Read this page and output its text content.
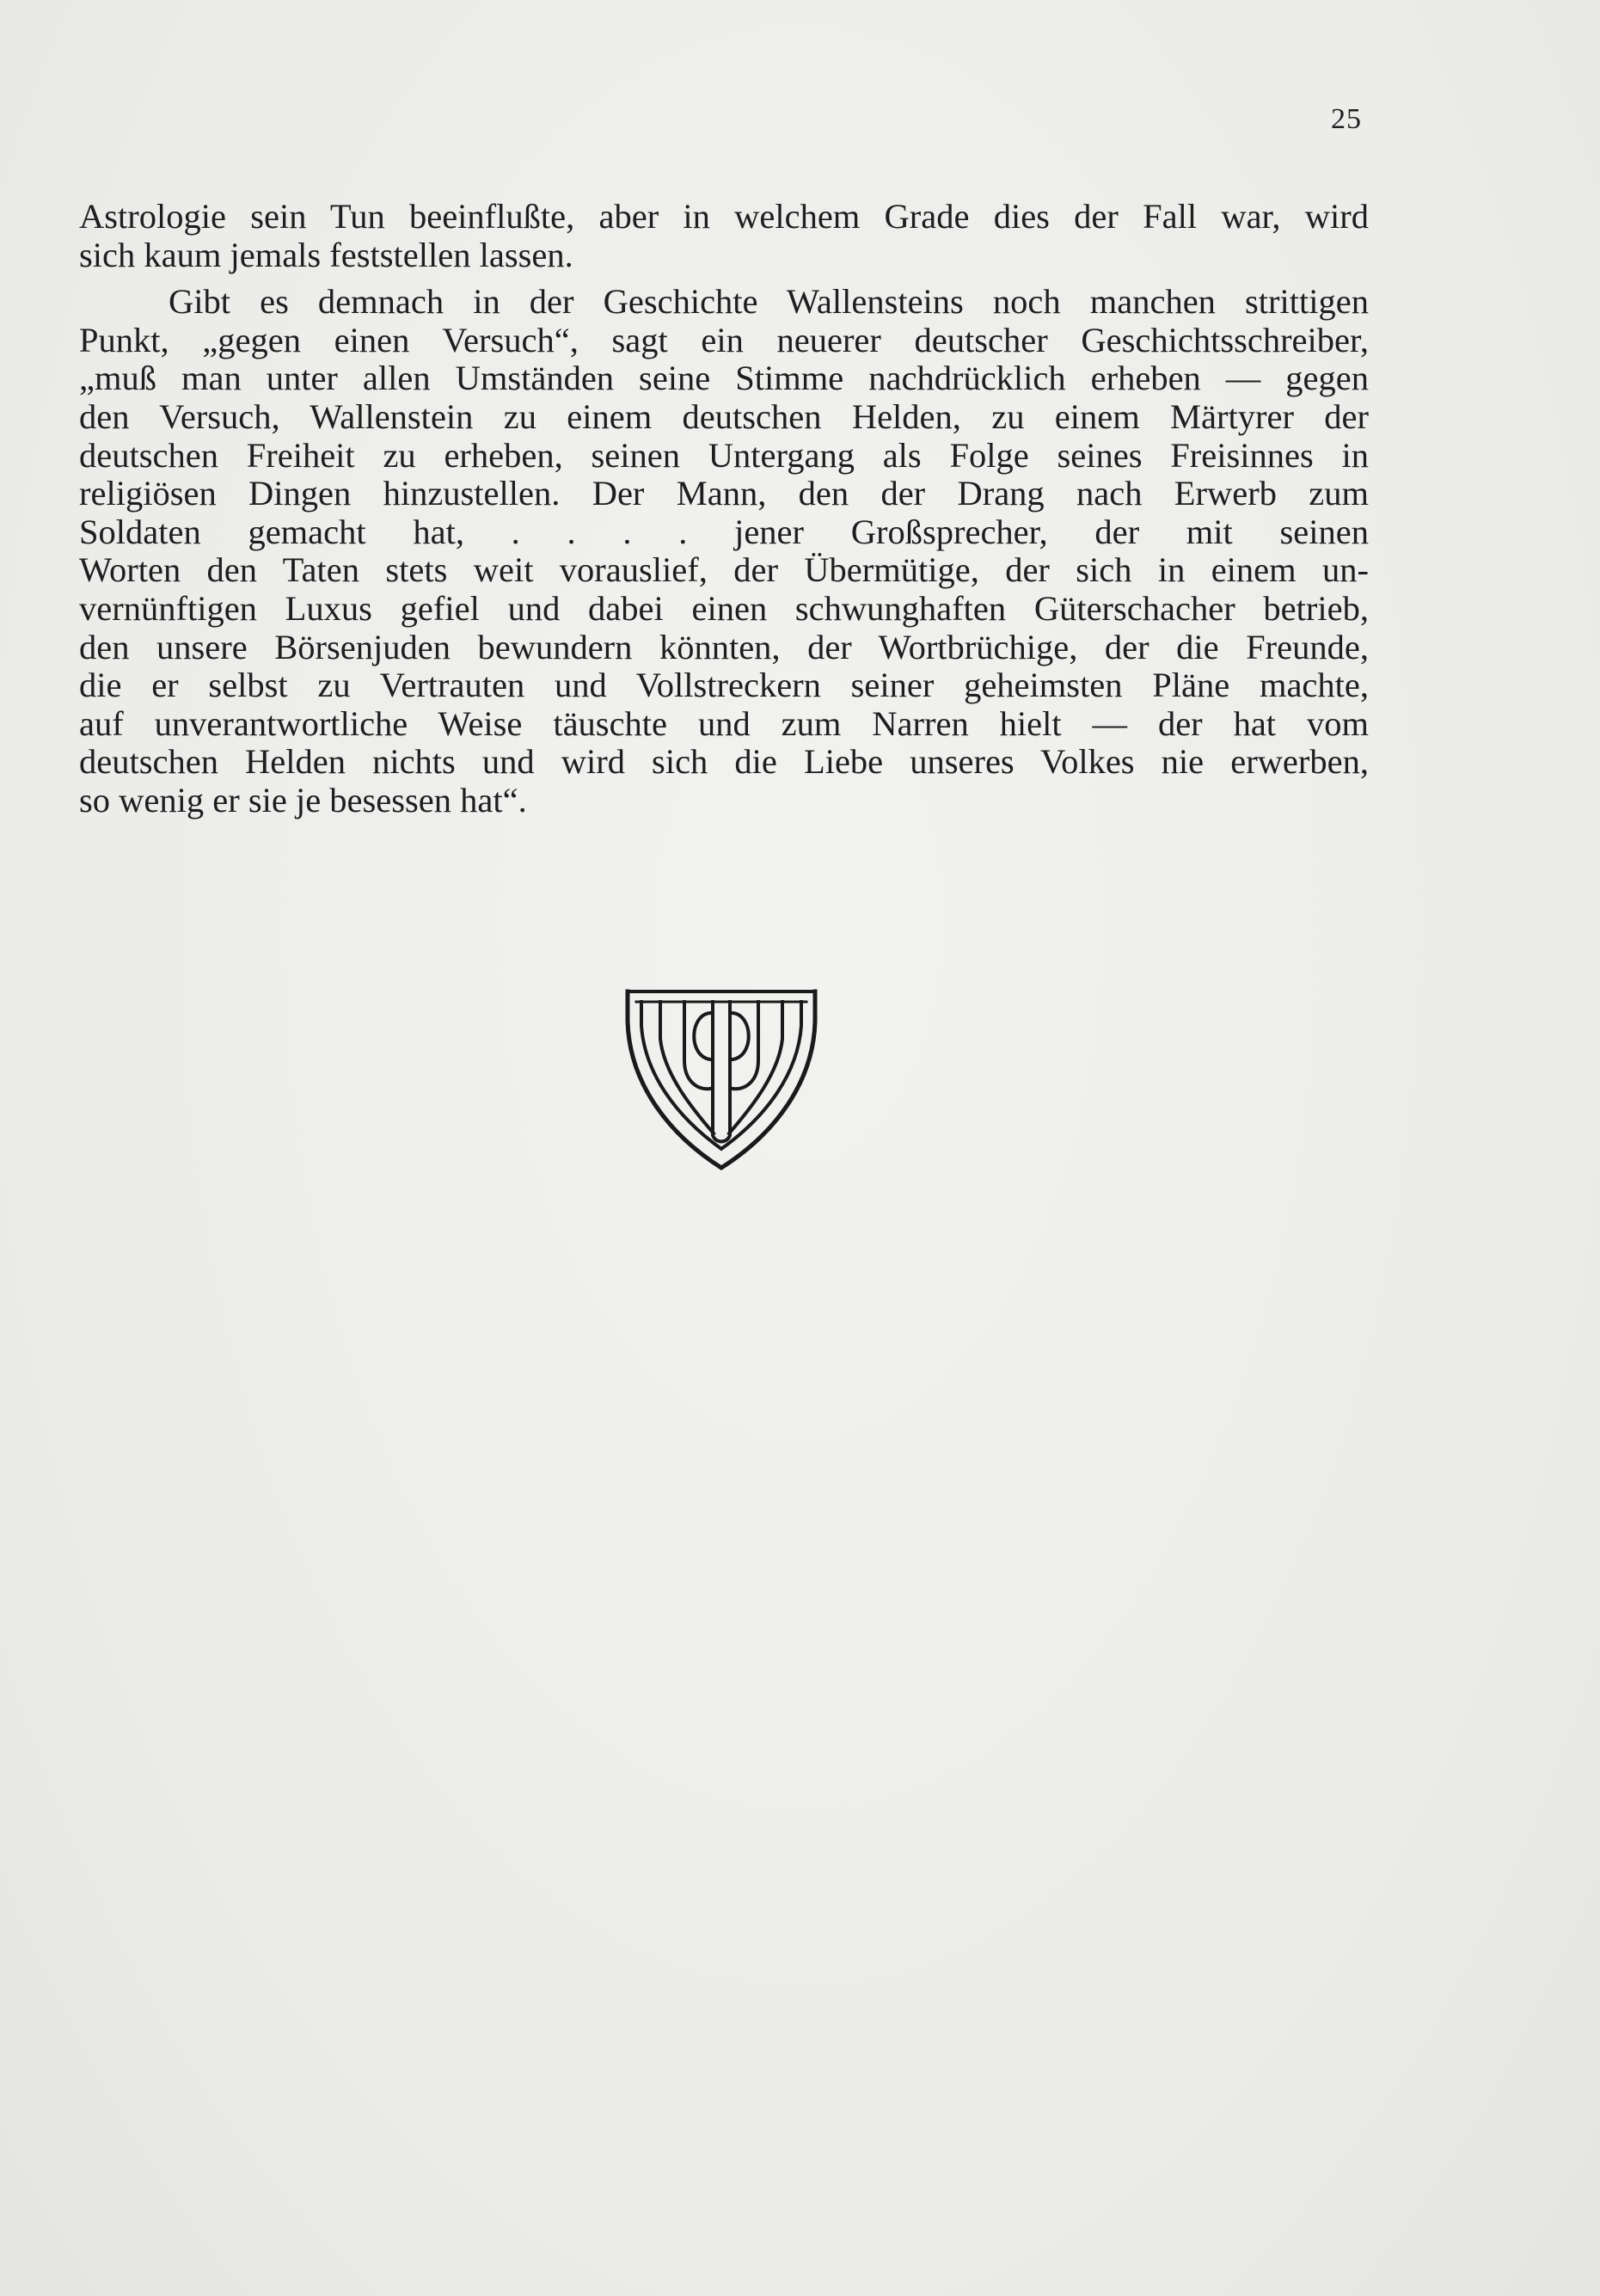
25
Astrologie sein Tun beeinflußte, aber in welchem Grade dies der Fall war, wird
sich kaum jemals feststellen lassen.
Gibt es demnach in der Geschichte Wallensteins noch manchen strittigen
Punkt, „gegen einen Versuch“, sagt ein neuerer deutscher Geschichtsschreiber,
„muß man unter allen Umständen seine Stimme nachdrücklich erheben — gegen
den Versuch, Wallenstein zu einem deutschen Helden, zu einem Märtyrer der
deutschen Freiheit zu erheben, seinen Untergang als Folge seines Freisinnes in
religiösen Dingen hinzustellen. Der Mann, den der Drang nach Erwerb zum
Soldaten gemacht hat, . . . . jener Großsprecher, der mit seinen
Worten den Taten stets weit vorauslief, der Übermütige, der sich in einem un-
vernünftigen Luxus gefiel und dabei einen schwunghaften Güterschacher betrieb,
den unsere Börsenjuden bewundern könnten, der Wortbrüchige, der die Freunde,
die er selbst zu Vertrauten und Vollstreckern seiner geheimsten Pläne machte,
auf unverantwortliche Weise täuschte und zum Narren hielt — der hat vom
deutschen Helden nichts und wird sich die Liebe unseres Volkes nie erwerben,
so wenig er sie je besessen hat“.
